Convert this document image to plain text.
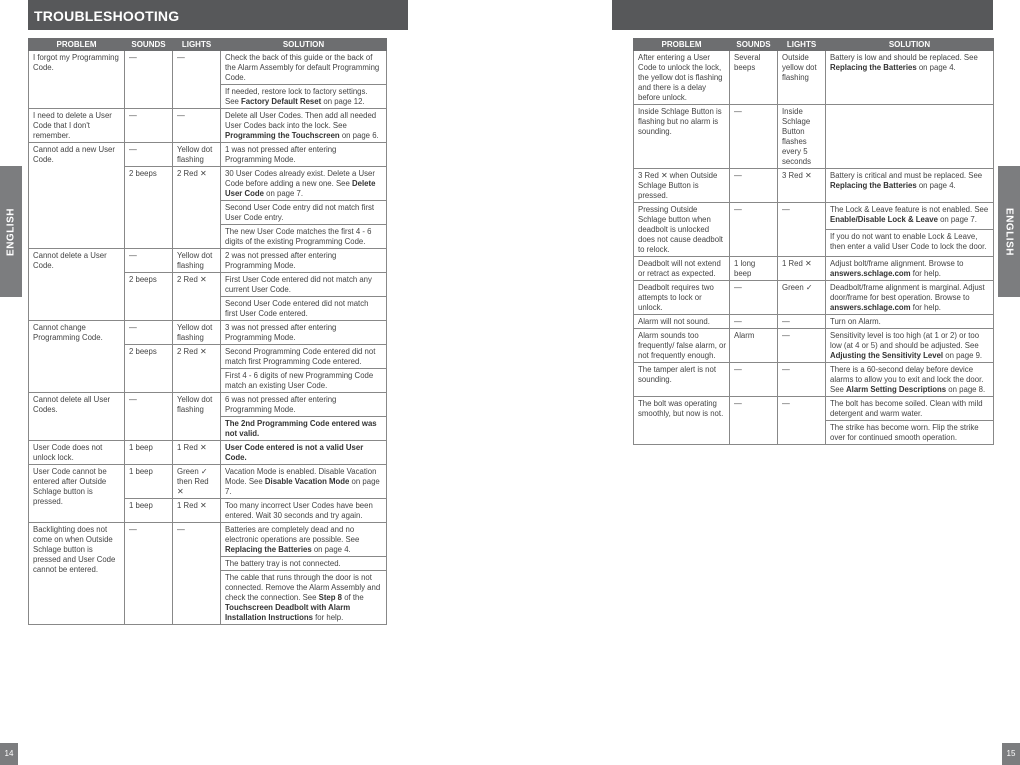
TROUBLESHOOTING
ENGLISH	ENGLISH
PROBLEM	SOUNDS	LIGHTS	SOLUTION
I forgot my Programming Code.	—	—	Check the back of this guide or the back of the Alarm Assembly for default Programming Code.
			If needed, restore lock to factory settings. See Factory Default Reset on page 12.
I need to delete a User Code that I don't remember.	—	—	Delete all User Codes. Then add all needed User Codes back into the lock. See Programming the Touchscreen on page 6.
Cannot add a new User Code.	—	Yellow dot flashing	1 was not pressed after entering Programming Mode.
	2 beeps	2 Red ✕	30 User Codes already exist. Delete a User Code before adding a new one. See Delete User Code on page 7.
			Second User Code entry did not match first User Code entry.
			The new User Code matches the first 4 - 6 digits of the existing Programming Code.
Cannot delete a User Code.	—	Yellow dot flashing	2 was not pressed after entering Programming Mode.
	2 beeps	2 Red ✕	First User Code entered did not match any current User Code.
			Second User Code entered did not match first User Code entered.
Cannot change Programming Code.	—	Yellow dot flashing	3 was not pressed after entering Programming Mode.
	2 beeps	2 Red ✕	Second Programming Code entered did not match first Programming Code entered.
			First 4 - 6 digits of new Programming Code match an existing User Code.
Cannot delete all User Codes.	—	Yellow dot flashing	6 was not pressed after entering Programming Mode.
			The 2nd Programming Code entered was not valid.
User Code does not unlock lock.	1 beep	1 Red ✕	User Code entered is not a valid User Code.
User Code cannot be entered after Outside Schlage button is pressed.	1 beep	Green ✓ then Red ✕	Vacation Mode is enabled. Disable Vacation Mode. See Disable Vacation Mode on page 7.
	1 beep	1 Red ✕	Too many incorrect User Codes have been entered. Wait 30 seconds and try again.
Backlighting does not come on when Outside Schlage button is pressed and User Code cannot be entered.	—	—	Batteries are completely dead and no electronic operations are possible. See Replacing the Batteries on page 4.
			The battery tray is not connected.
			The cable that runs through the door is not connected. Remove the Alarm Assembly and check the connection. See Step 8 of the Touchscreen Deadbolt with Alarm Installation Instructions for help.
PROBLEM	SOUNDS	LIGHTS	SOLUTION
After entering a User Code to unlock the lock, the yellow dot is flashing and there is a delay before unlock.	Several beeps	Outside yellow dot flashing	Battery is low and should be replaced. See Replacing the Batteries on page 4.
Inside Schlage Button is flashing but no alarm is sounding.	—	Inside Schlage Button flashes every 5 seconds	
3 Red ✕ when Outside Schlage Button is pressed.	—	3 Red ✕	Battery is critical and must be replaced. See Replacing the Batteries on page 4.
Pressing Outside Schlage button when deadbolt is unlocked does not cause deadbolt to relock.	—	—	The Lock & Leave feature is not enabled. See Enable/Disable Lock & Leave on page 7.
			If you do not want to enable Lock & Leave, then enter a valid User Code to lock the door.
Deadbolt will not extend or retract as expected.	1 long beep	1 Red ✕	Adjust bolt/frame alignment. Browse to answers.schlage.com for help.
Deadbolt requires two attempts to lock or unlock.	—	Green ✓	Deadbolt/frame alignment is marginal. Adjust door/frame for best operation. Browse to answers.schlage.com for help.
Alarm will not sound.	—	—	Turn on Alarm.
Alarm sounds too frequently/ false alarm, or not frequently enough.	Alarm	—	Sensitivity level is too high (at 1 or 2) or too low (at 4 or 5) and should be adjusted. See Adjusting the Sensitivity Level on page 9.
The tamper alert is not sounding.	—	—	There is a 60-second delay before device alarms to allow you to exit and lock the door. See Alarm Setting Descriptions on page 8.
The bolt was operating smoothly, but now is not.	—	—	The bolt has become soiled. Clean with mild detergent and warm water.
			The strike has become worn. Flip the strike over for continued smooth operation.
14	15
